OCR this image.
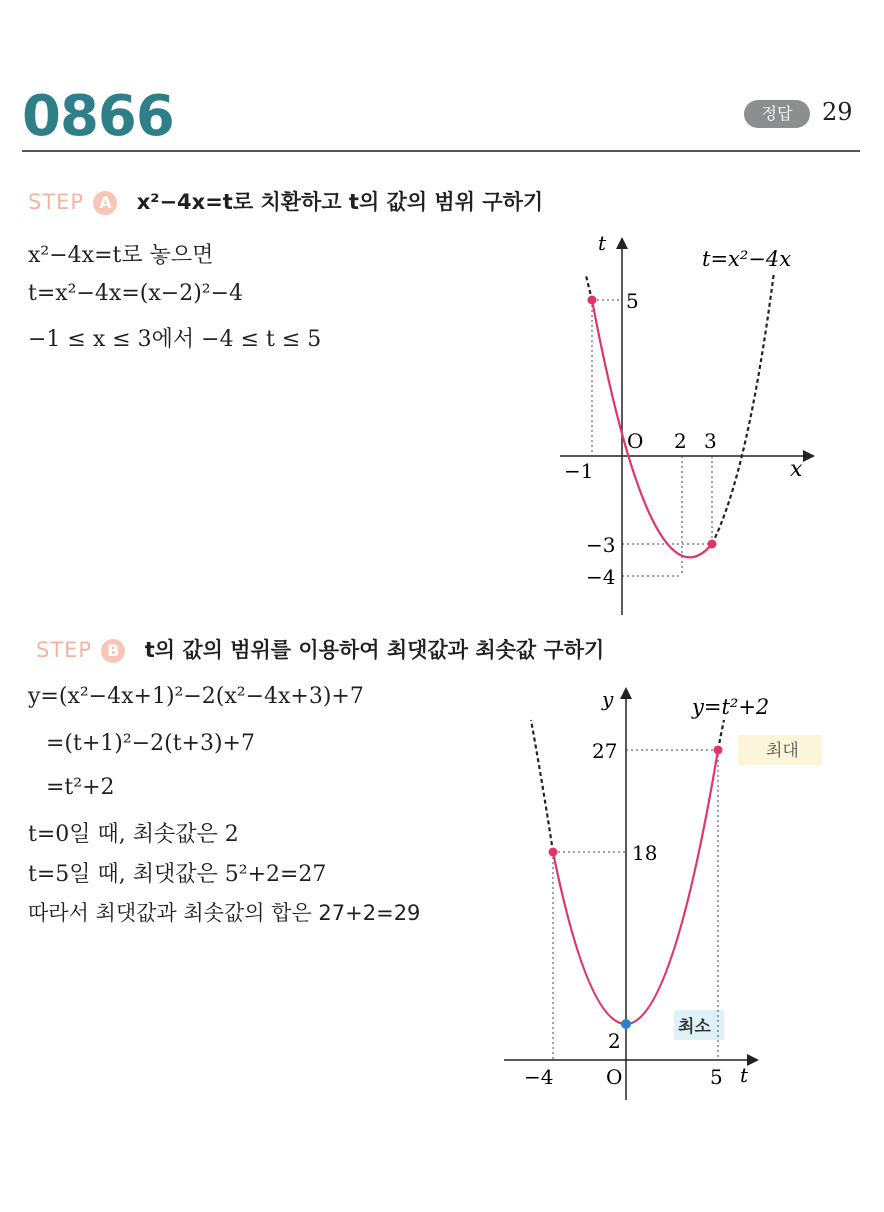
0866	정답	29
STEP A x²−4x=t로 치환하고 t의 값의 범위 구하기
x²−4x=t로 놓으면
t=x²−4x=(x−2)²−4
−1 ≤ x ≤ 3에서 −4 ≤ t ≤ 5
t
x
O
t=x²−4x
−1
2 3
5
−3
−4
STEP B t의 값의 범위를 이용하여 최댓값과 최솟값 구하기
y=(x²−4x+1)²−2(x²−4x+3)+7
=(t+1)²−2(t+3)+7
=t²+2
t=0일 때, 최솟값은 2
t=5일 때, 최댓값은 5²+2=27
따라서 최댓값과 최솟값의 합은 27+2=29
y
t
O
y=t²+2
−4	5
27
18
2
최대
최소
